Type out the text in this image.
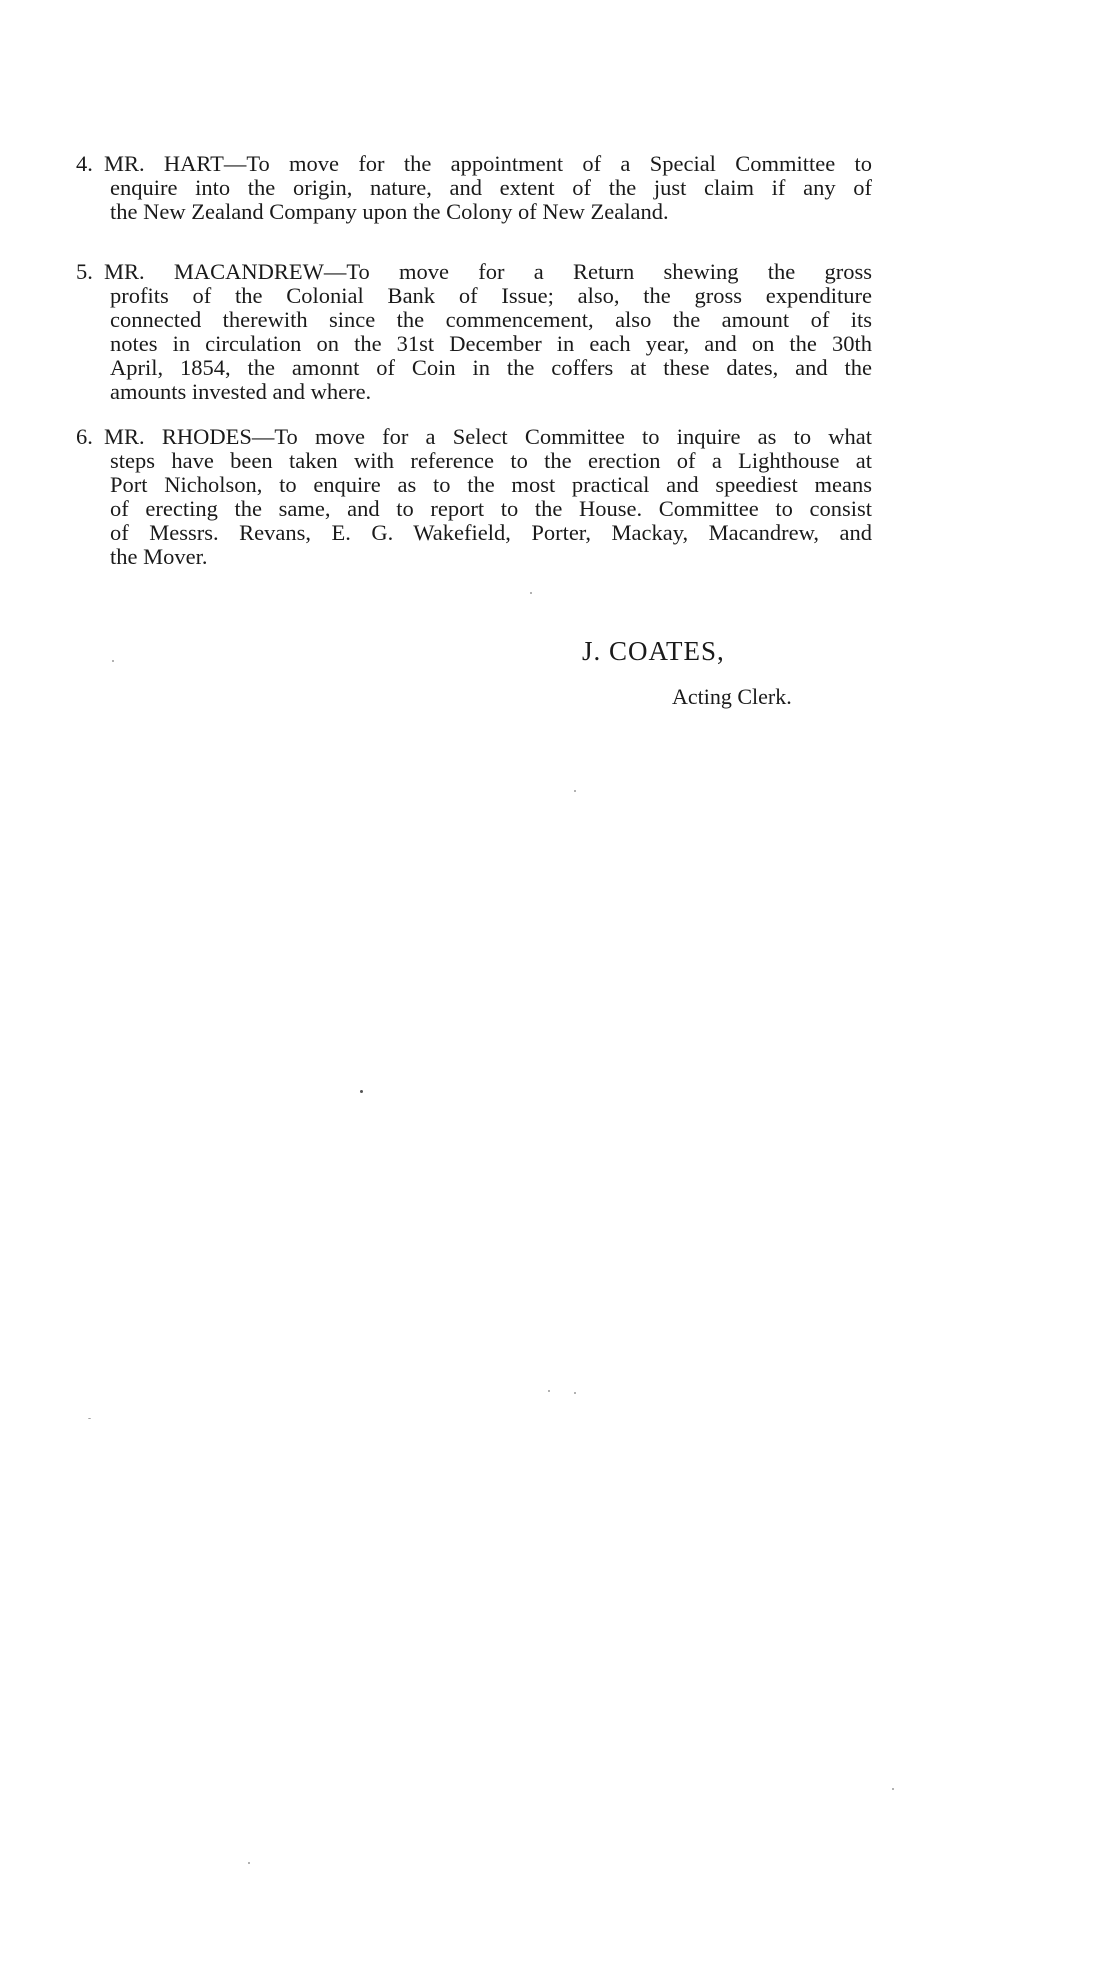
4. MR. HART—To move for the appointment of a Special Committee to
enquire into the origin, nature, and extent of the just claim if any of
the New Zealand Company upon the Colony of New Zealand.
5. MR. MACANDREW—To move for a Return shewing the gross
profits of the Colonial Bank of Issue; also, the gross expenditure
connected therewith since the commencement, also the amount of its
notes in circulation on the 31st December in each year, and on the 30th
April, 1854, the amonnt of Coin in the coffers at these dates, and the
amounts invested and where.
6. MR. RHODES—To move for a Select Committee to inquire as to what
steps have been taken with reference to the erection of a Lighthouse at
Port Nicholson, to enquire as to the most practical and speediest means
of erecting the same, and to report to the House. Committee to consist
of Messrs. Revans, E. G. Wakefield, Porter, Mackay, Macandrew, and
the Mover.
J. COATES,
Acting Clerk.
